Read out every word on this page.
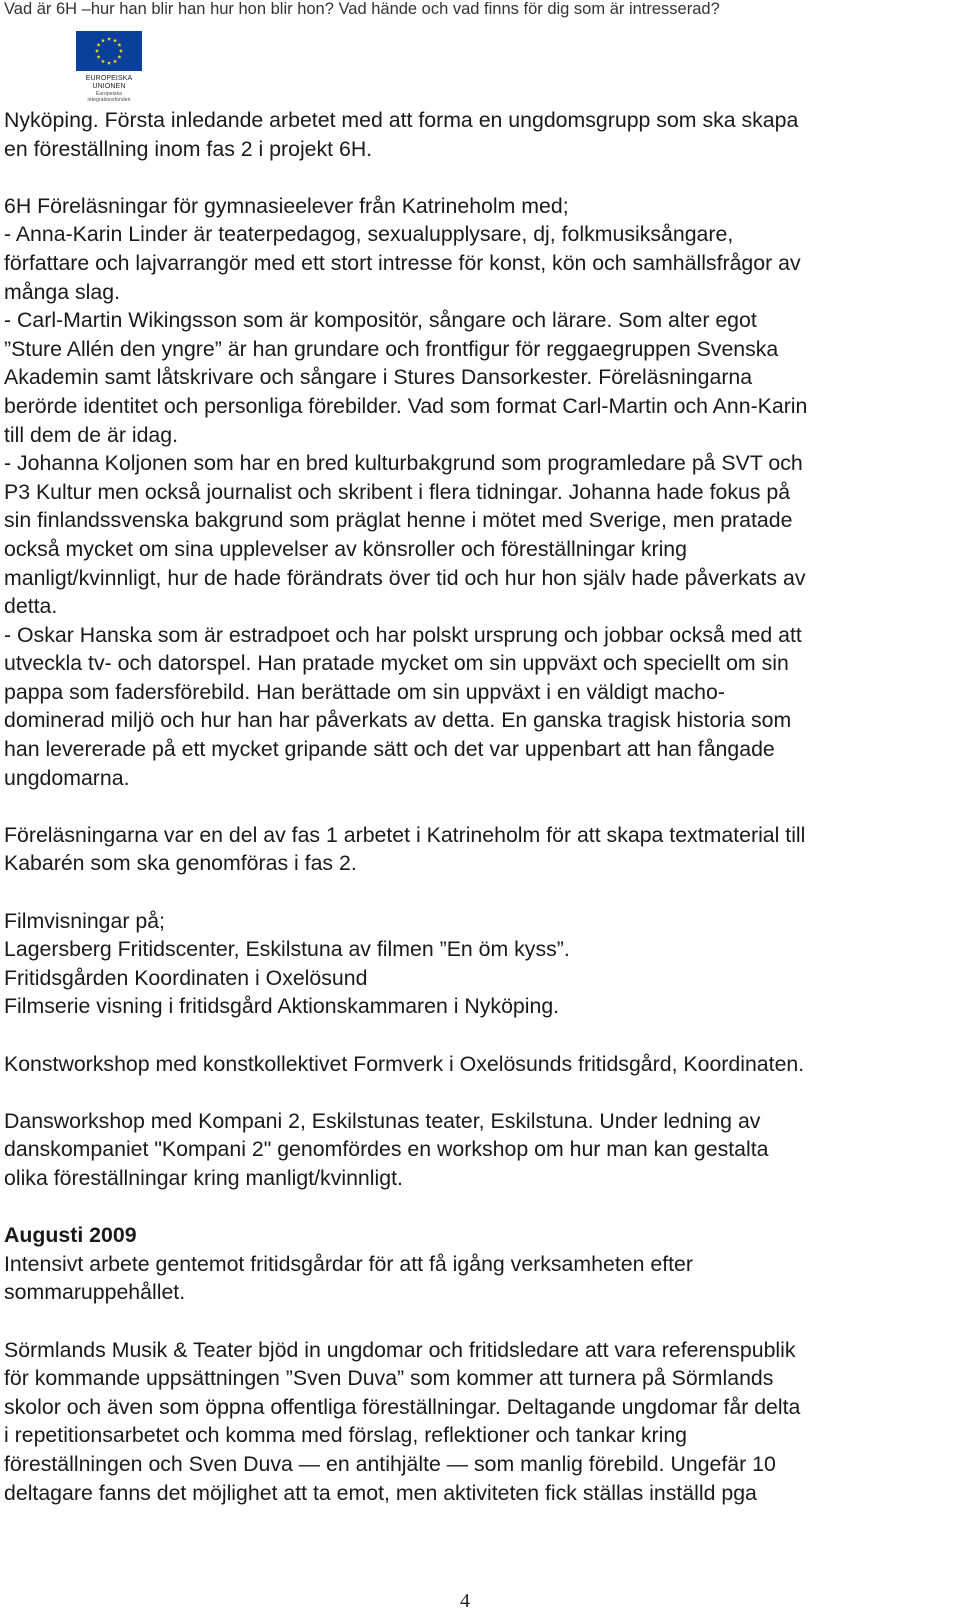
Vad är 6H –hur han blir han hur hon blir hon? Vad hände och vad finns för dig som är intresserad?
EUROPEISKA UNIONEN
Europeiska integrationsfonden

Nyköping. Första inledande arbetet med att forma en ungdomsgrupp som ska skapa

en föreställning inom fas 2 i projekt 6H.

6H Föreläsningar för gymnasieelever från Katrineholm med;

- Anna-Karin Linder är teaterpedagog, sexualupplysare, dj, folkmusiksångare,

författare och lajvarrangör med ett stort intresse för konst, kön och samhällsfrågor av

många slag.

- Carl-Martin Wikingsson som är kompositör, sångare och lärare. Som alter egot

”Sture Allén den yngre” är han grundare och frontfigur för reggaegruppen Svenska

Akademin samt låtskrivare och sångare i Stures Dansorkester. Föreläsningarna

berörde identitet och personliga förebilder. Vad som format Carl-Martin och Ann-Karin

till dem de är idag.

- Johanna Koljonen som har en bred kulturbakgrund som programledare på SVT och

P3 Kultur men också journalist och skribent i flera tidningar. Johanna hade fokus på

sin finlandssvenska bakgrund som präglat henne i mötet med Sverige, men pratade

också mycket om sina upplevelser av könsroller och föreställningar kring

manligt/kvinnligt, hur de hade förändrats över tid och hur hon själv hade påverkats av

detta.

- Oskar Hanska som är estradpoet och har polskt ursprung och jobbar också med att

utveckla tv- och datorspel. Han pratade mycket om sin uppväxt och speciellt om sin

pappa som fadersförebild. Han berättade om sin uppväxt i en väldigt macho-

dominerad miljö och hur han har påverkats av detta. En ganska tragisk historia som

han levererade på ett mycket gripande sätt och det var uppenbart att han fångade

ungdomarna.

Föreläsningarna var en del av fas 1 arbetet i Katrineholm för att skapa textmaterial till

Kabarén som ska genomföras i fas 2.

Filmvisningar på;

Lagersberg Fritidscenter, Eskilstuna av filmen ”En öm kyss”.

Fritidsgården Koordinaten i Oxelösund

Filmserie visning i fritidsgård Aktionskammaren i Nyköping.

Konstworkshop med konstkollektivet Formverk i Oxelösunds fritidsgård, Koordinaten.

Dansworkshop med Kompani 2, Eskilstunas teater, Eskilstuna. Under ledning av

danskompaniet "Kompani 2" genomfördes en workshop om hur man kan gestalta

olika föreställningar kring manligt/kvinnligt.

Augusti 2009

Intensivt arbete gentemot fritidsgårdar för att få igång verksamheten efter

sommaruppehållet.

Sörmlands Musik & Teater bjöd in ungdomar och fritidsledare att vara referenspublik

för kommande uppsättningen ”Sven Duva” som kommer att turnera på Sörmlands

skolor och även som öppna offentliga föreställningar. Deltagande ungdomar får delta

i repetitionsarbetet och komma med förslag, reflektioner och tankar kring

föreställningen och Sven Duva — en antihjälte — som manlig förebild. Ungefär 10

deltagare fanns det möjlighet att ta emot, men aktiviteten fick ställas inställd pga

4
